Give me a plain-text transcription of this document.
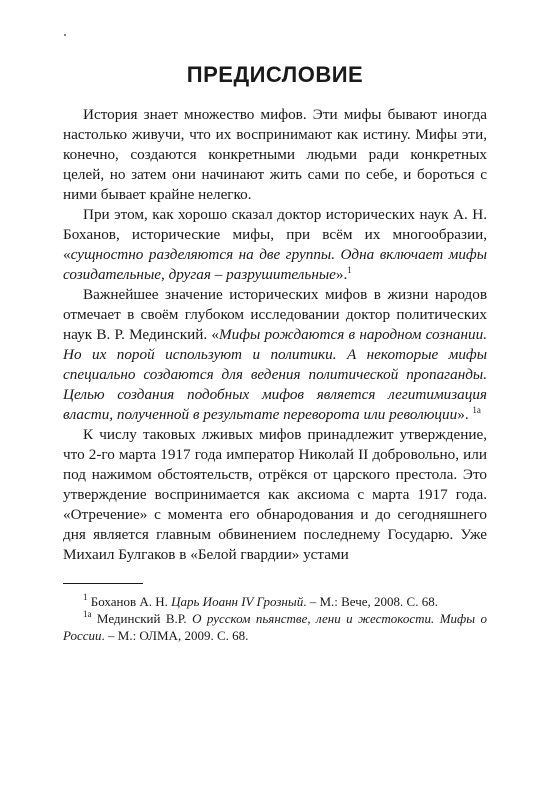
ПРЕДИСЛОВИЕ

История знает множество мифов. Эти мифы бывают иногда настолько живучи, что их воспринимают как истину. Мифы эти, конечно, создаются конкретными людьми ради конкретных целей, но затем они начинают жить сами по себе, и бороться с ними бывает крайне нелегко.

При этом, как хорошо сказал доктор исторических наук А. Н. Боханов, исторические мифы, при всём их многообразии, «сущностно разделяются на две группы. Одна включает мифы созидательные, другая – разрушительные».$^1$

Важнейшее значение исторических мифов в жизни народов отмечает в своём глубоком исследовании доктор политических наук В. Р. Мединский. «Мифы рождаются в народном сознании. Но их порой используют и политики. А некоторые мифы специально создаются для ведения политической пропаганды. Целью создания подобных мифов является легитимизация власти, полученной в результате переворота или революции». $^{1а}$

К числу таковых лживых мифов принадлежит утверждение, что 2-го марта 1917 года император Николай II добровольно, или под нажимом обстоятельств, отрёкся от царского престола. Это утверждение воспринимается как аксиома с марта 1917 года. «Отречение» с момента его обнародования и до сегодняшнего дня является главным обвинением последнему Государю. Уже Михаил Булгаков в «Белой гвардии» устами

$^1$ Боханов А. Н. Царь Иоанн IV Грозный. – М.: Вече, 2008. С. 68.

$^{1а}$ Мединский В.Р. О русском пьянстве, лени и жестокости. Мифы о России. – М.: ОЛМА, 2009. С. 68.
